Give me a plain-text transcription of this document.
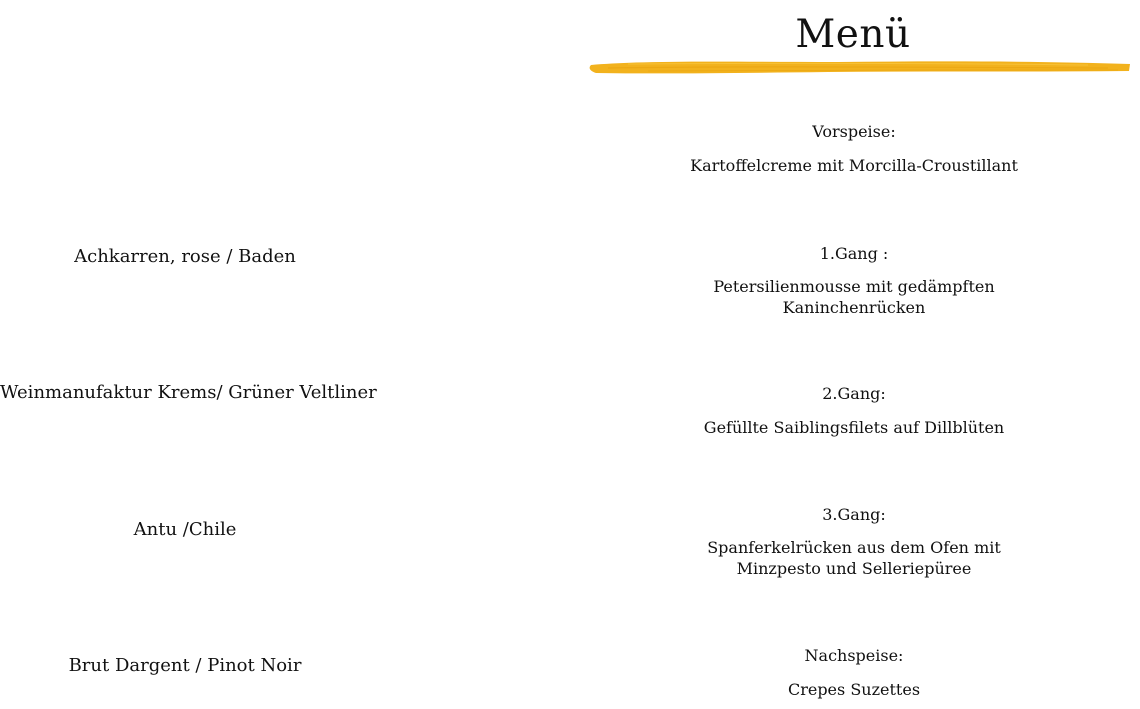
Menü
Achkarren, rose / Baden
Weinmanufaktur Krems/ Grüner Veltliner
Antu /Chile
Brut Dargent / Pinot Noir
Vorspeise:
Kartoffelcreme mit Morcilla-Croustillant
1.Gang :
Petersilienmousse mit gedämpften Kaninchenrücken
2.Gang:
Gefüllte Saiblingsfilets auf Dillblüten
3.Gang:
Spanferkelrücken aus dem Ofen mit Minzpesto und Selleriepüree
Nachspeise:
Crepes Suzettes
